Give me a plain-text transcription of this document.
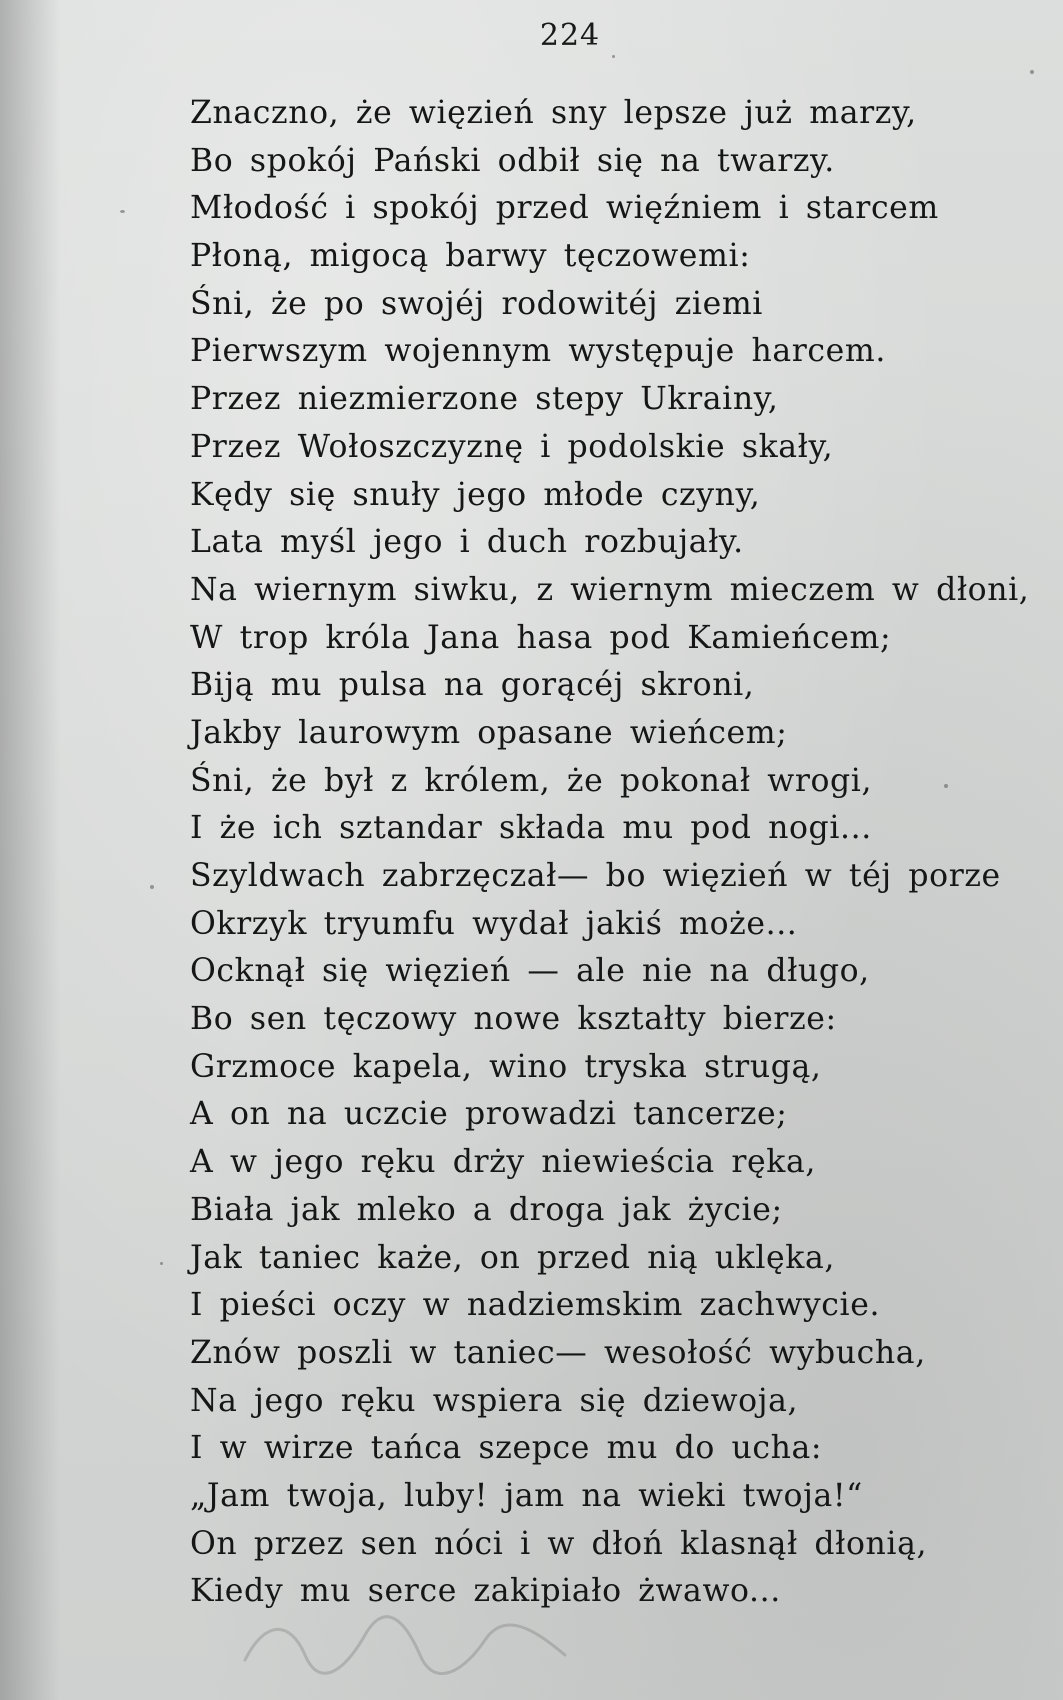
224
Znaczno, że więzień sny lepsze już marzy,
Bo spokój Pański odbił się na twarzy.
Młodość i spokój przed więźniem i starcem
Płoną, migocą barwy tęczowemi:
Śni, że po swojéj rodowitéj ziemi
Pierwszym wojennym występuje harcem.
Przez niezmierzone stepy Ukrainy,
Przez Wołoszczyznę i podolskie skały,
Kędy się snuły jego młode czyny,
Lata myśl jego i duch rozbujały.
Na wiernym siwku, z wiernym mieczem w dłoni,
W trop króla Jana hasa pod Kamieńcem;
Biją mu pulsa na gorącéj skroni,
Jakby laurowym opasane wieńcem;
Śni, że był z królem, że pokonał wrogi,
I że ich sztandar składa mu pod nogi...
Szyldwach zabrzęczał— bo więzień w téj porze
Okrzyk tryumfu wydał jakiś może...
Ocknął się więzień — ale nie na długo,
Bo sen tęczowy nowe kształty bierze:
Grzmoce kapela, wino tryska strugą,
A on na uczcie prowadzi tancerze;
A w jego ręku drży niewieścia ręka,
Biała jak mleko a droga jak życie;
Jak taniec każe, on przed nią uklęka,
I pieści oczy w nadziemskim zachwycie.
Znów poszli w taniec— wesołość wybucha,
Na jego ręku wspiera się dziewoja,
I w wirze tańca szepce mu do ucha:
„Jam twoja, luby! jam na wieki twoja!“
On przez sen nóci i w dłoń klasnął dłonią,
Kiedy mu serce zakipiało żwawo...
